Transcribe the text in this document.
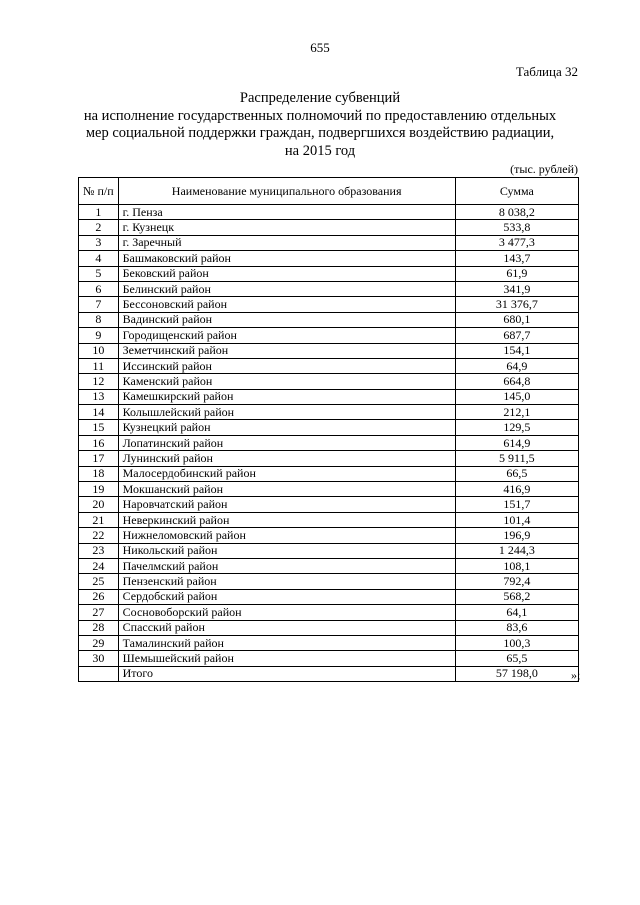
655
Таблица 32
Распределение субвенций
на исполнение государственных полномочий по предоставлению отдельных
мер социальной поддержки граждан, подвергшихся воздействию радиации,
на 2015 год
(тыс. рублей)
№ п/п	Наименование муниципального образования	Сумма
1	г. Пенза	8 038,2
2	г. Кузнецк	533,8
3	г. Заречный	3 477,3
4	Башмаковский район	143,7
5	Бековский район	61,9
6	Белинский район	341,9
7	Бессоновский район	31 376,7
8	Вадинский район	680,1
9	Городищенский район	687,7
10	Земетчинский район	154,1
11	Иссинский район	64,9
12	Каменский район	664,8
13	Камешкирский район	145,0
14	Колышлейский район	212,1
15	Кузнецкий район	129,5
16	Лопатинский район	614,9
17	Лунинский район	5 911,5
18	Малосердобинский район	66,5
19	Мокшанский район	416,9
20	Наровчатский район	151,7
21	Неверкинский район	101,4
22	Нижнеломовский район	196,9
23	Никольский район	1 244,3
24	Пачелмский район	108,1
25	Пензенский район	792,4
26	Сердобский район	568,2
27	Сосновоборский район	64,1
28	Спасский район	83,6
29	Тамалинский район	100,3
30	Шемышейский район	65,5
	Итого	57 198,0	»;
